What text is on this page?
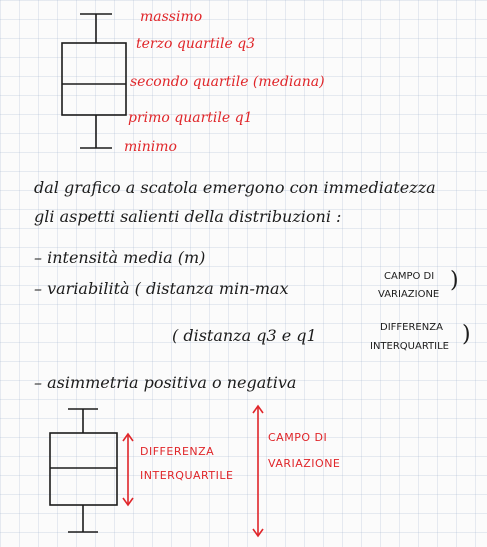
massimo
terzo quartile q3
secondo quartile (mediana)
primo quartile q1
minimo
dal grafico a scatola emergono con immediatezza
gli aspetti salienti della distribuzioni :
– intensità media (m)
– variabilità ( distanza min-max
CAMPO DI
VARIAZIONE
)
( distanza q3 e q1	DIFFERENZA
INTERQUARTILE )
– asimmetria positiva o negativa
DIFFERENZA
INTERQUARTILE
CAMPO DI
VARIAZIONE
